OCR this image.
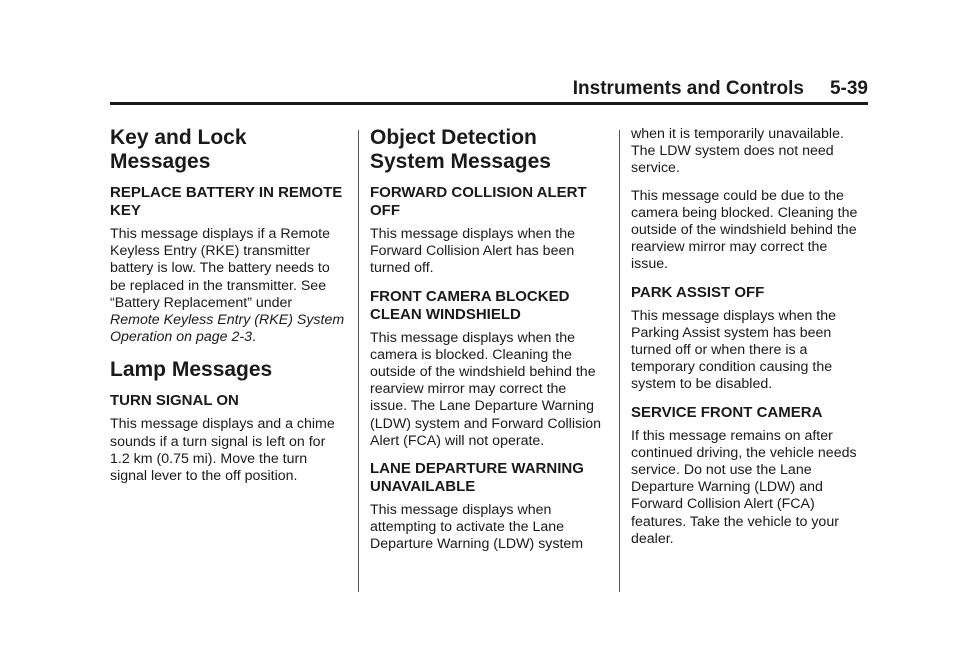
Instruments and Controls 5-39
Key and Lock Messages
REPLACE BATTERY IN REMOTE KEY

This message displays if a Remote Keyless Entry (RKE) transmitter battery is low. The battery needs to be replaced in the transmitter. See “Battery Replacement” under
Remote Keyless Entry (RKE) System Operation on page 2-3.

Lamp Messages
TURN SIGNAL ON

This message displays and a chime sounds if a turn signal is left on for 1.2 km (0.75 mi). Move the turn signal lever to the off position.

Object Detection System Messages
FORWARD COLLISION ALERT OFF

This message displays when the Forward Collision Alert has been turned off.

FRONT CAMERA BLOCKED CLEAN WINDSHIELD

This message displays when the camera is blocked. Cleaning the outside of the windshield behind the rearview mirror may correct the issue. The Lane Departure Warning (LDW) system and Forward Collision Alert (FCA) will not operate.

LANE DEPARTURE WARNING UNAVAILABLE

This message displays when attempting to activate the Lane Departure Warning (LDW) system

when it is temporarily unavailable. The LDW system does not need service.

This message could be due to the camera being blocked. Cleaning the outside of the windshield behind the rearview mirror may correct the issue.

PARK ASSIST OFF

This message displays when the Parking Assist system has been turned off or when there is a temporary condition causing the system to be disabled.

SERVICE FRONT CAMERA

If this message remains on after continued driving, the vehicle needs service. Do not use the Lane Departure Warning (LDW) and Forward Collision Alert (FCA) features. Take the vehicle to your dealer.
